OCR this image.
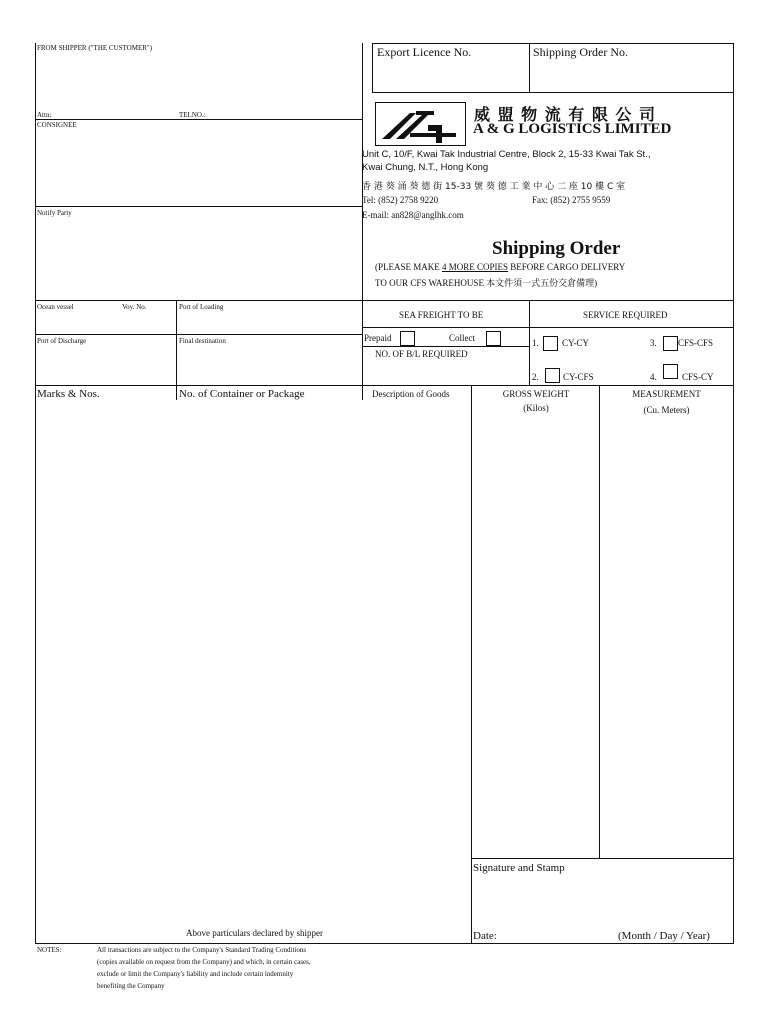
FROM SHIPPER ("THE CUSTOMER")
Attn:	TELNO.:
CONSIGNEE
Notify Party
Export Licence No.	Shipping Order No.
威 盟 物 流 有 限 公 司
A & G LOGISTICS LIMITED
Unit C, 10/F, Kwai Tak Industrial Centre, Block 2, 15-33 Kwai Tak St.,
Kwai Chung, N.T., Hong Kong
香 港 葵 涌 葵 德 街 15-33 號 葵 德 工 業 中 心 二 座 10 樓 C 室
Tel: (852) 2758 9220	Fax: (852) 2755 9559
E-mail: an828@anglhk.com
Shipping Order
(PLEASE MAKE 4 MORE COPIES BEFORE CARGO DELIVERY
TO OUR CFS WAREHOUSE 本文件須一式五份交倉備理)
Ocean vessel	Voy. No.	Port of Loading
Port of Discharge	Final destination
SEA FREIGHT TO BE
Prepaid	Collect
NO. OF B/L REQUIRED
SERVICE REQUIRED
1.	CY-CY	3. CFS-CFS
2.	CY-CFS	4.	CFS-CY
Marks & Nos.	No. of Container or Package	Description of Goods	GROSS WEIGHT
(Kilos)
MEASUREMENT
(Cu. Meters)
Above particulars declared by shipper
Signature and Stamp
Date:	(Month / Day / Year)
NOTES:	All transactions are subject to the Company's Standard Trading Conditions
(copies available on request from the Company) and which, in certain cases,
exclude or limit the Company's liability and include certain indemnity
benefiting the Company
